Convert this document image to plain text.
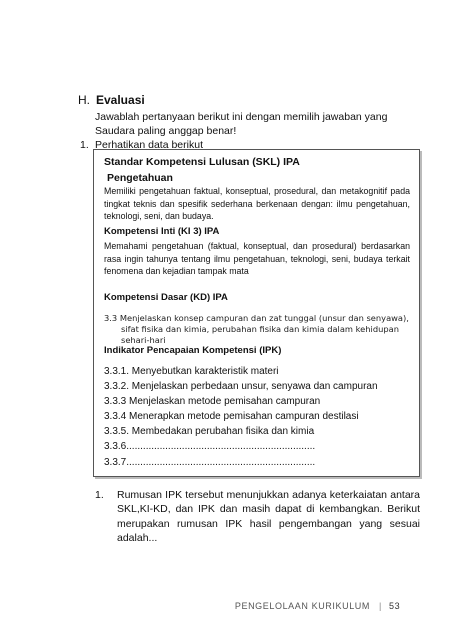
H. Evaluasi
Jawablah pertanyaan berikut ini dengan memilih jawaban yang Saudara paling anggap benar!
1. Perhatikan data berikut
Standar Kompetensi Lulusan (SKL) IPA
Pengetahuan
Memiliki pengetahuan faktual, konseptual, prosedural, dan metakognitif pada tingkat teknis dan spesifik sederhana berkenaan dengan: ilmu pengetahuan, teknologi, seni, dan budaya.
Kompetensi Inti (KI 3) IPA
Memahami pengetahuan (faktual, konseptual, dan prosedural) berdasarkan rasa ingin tahunya tentang ilmu pengetahuan, teknologi, seni, budaya terkait fenomena dan kejadian tampak mata
Kompetensi Dasar (KD) IPA
3.3 Menjelaskan konsep campuran dan zat tunggal (unsur dan senyawa),
sifat fisika dan kimia, perubahan fisika dan kimia dalam kehidupan
sehari-hari
Indikator Pencapaian Kompetensi (IPK)
3.3.1. Menyebutkan karakteristik materi
3.3.2. Menjelaskan perbedaan unsur, senyawa dan campuran
3.3.3 Menjelaskan metode pemisahan campuran
3.3.4 Menerapkan metode pemisahan campuran destilasi
3.3.5. Membedakan perubahan fisika dan kimia
3.3.6....................................................................
3.3.7....................................................................
1.	Rumusan IPK tersebut menunjukkan adanya keterkaiatan antara SKL,KI-KD, dan IPK dan masih dapat di kembangkan. Berikut merupakan rumusan IPK hasil pengembangan yang sesuai adalah...
PENGELOLAAN KURIKULUM | 53
